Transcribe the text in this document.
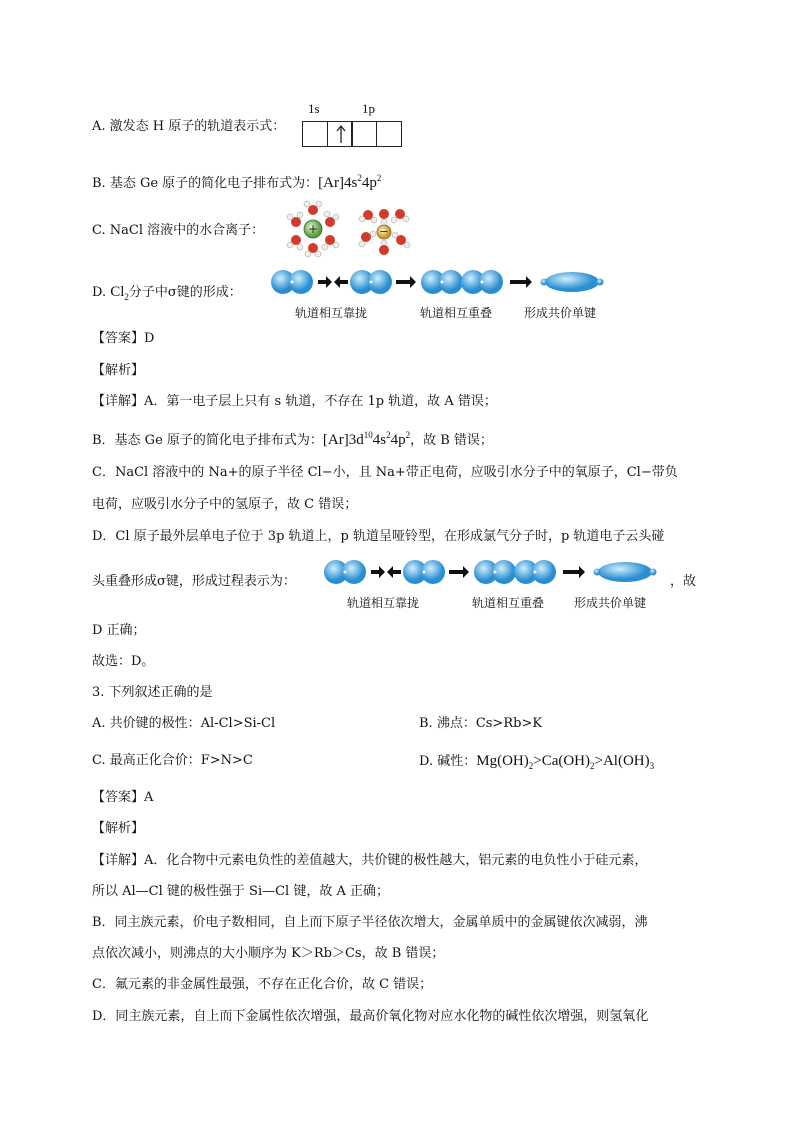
A. 激发态 H 原子的轨道表示式：
1s	1p
B. 基态 Ge 原子的简化电子排布式为：$[Ar]4s^24p^2$
C. NaCl 溶液中的水合离子：	+	−
D. $Cl_2$分子中σ键的形成：
轨道相互靠拢	轨道相互重叠	形成共价单键
【答案】D
【解析】
【详解】A．第一电子层上只有 s 轨道，不存在 1p 轨道，故 A 错误；
B．基态 Ge 原子的简化电子排布式为：$[Ar]3d^{10}4s^24p^2$，故 B 错误；
C．NaCl 溶液中的 Na+的原子半径 Cl−小，且 Na+带正电荷，应吸引水分子中的氧原子，Cl−带负
电荷，应吸引水分子中的氢原子，故 C 错误；
D．Cl 原子最外层单电子位于 3p 轨道上，p 轨道呈哑铃型，在形成氯气分子时，p 轨道电子云头碰
头重叠形成σ键，形成过程表示为：	，故
轨道相互靠拢	轨道相互重叠 形成共价单键
D 正确；
故选：D。
3. 下列叙述正确的是
A. 共价键的极性：Al-Cl>Si-Cl	B. 沸点：Cs>Rb>K
C. 最高正化合价：F>N>C	D. 碱性：$Mg(OH)_2>Ca(OH)_2>Al(OH)_3$
【答案】A
【解析】
【详解】A．化合物中元素电负性的差值越大，共价键的极性越大，铝元素的电负性小于硅元素，
所以 Al—Cl 键的极性强于 Si—Cl 键，故 A 正确；
B．同主族元素，价电子数相同，自上而下原子半径依次增大，金属单质中的金属键依次减弱，沸
点依次减小，则沸点的大小顺序为 K＞Rb＞Cs，故 B 错误；
C．氟元素的非金属性最强，不存在正化合价，故 C 错误；
D．同主族元素，自上而下金属性依次增强，最高价氧化物对应水化物的碱性依次增强，则氢氧化
